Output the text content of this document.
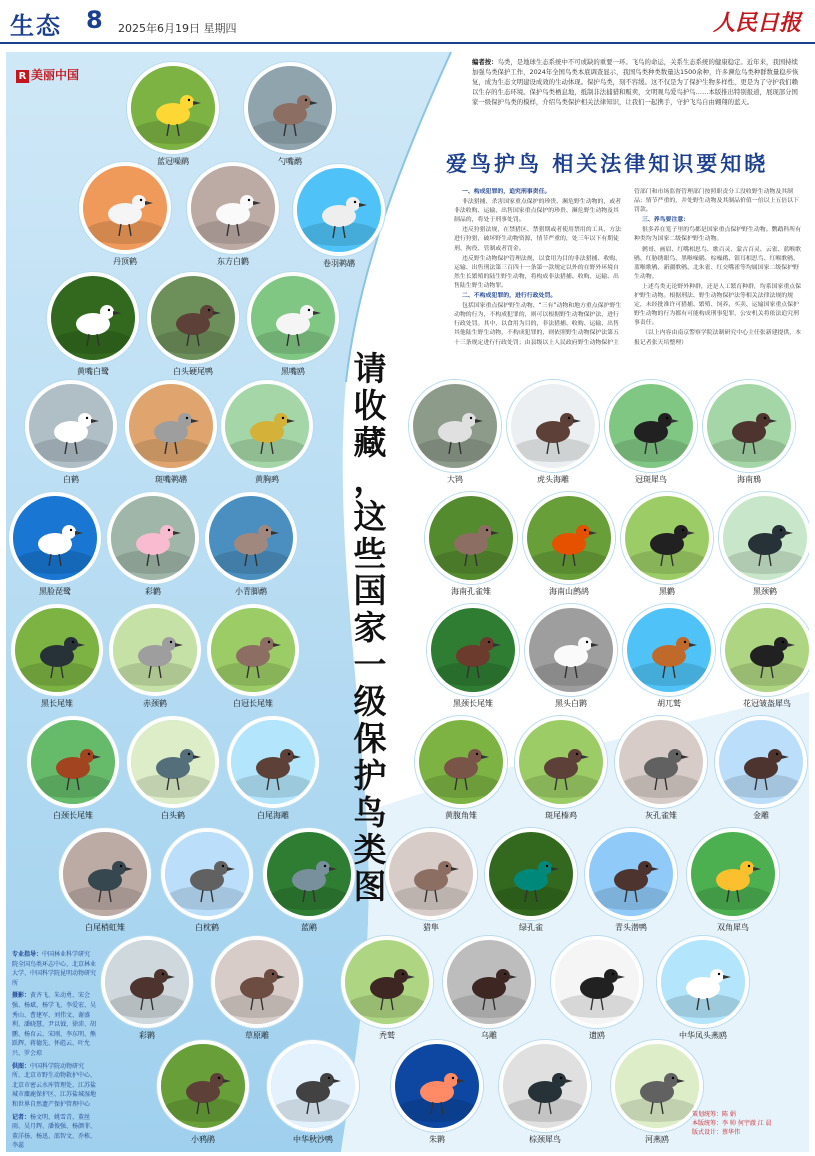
生态 8 2025年6月19日 星期四	人民日报
R 美丽中国
编者按：鸟类，是地球生态系统中不可或缺的重要一环。飞鸟的命运，关系生态系统的健康稳定。近年来，我国持续加强鸟类保护工作，2024年全国鸟类本底调查显示，我国鸟类种类数量达1500余种，许多濒危鸟类种群数量稳步恢复，成为生态文明建设成效的生动体现。保护鸟类，刻不容缓。这不仅是为了保护生物多样性，更是为了守护我们赖以生存的生态环境。保护鸟类栖息地，抵制非法捕猎和贩卖，文明观鸟爱鸟护鸟……本版推出特别报道，展现部分国家一级保护鸟类的模样，介绍鸟类保护相关法律知识，让我们一起携手，守护飞鸟自由翱翔的蓝天。
爱鸟护鸟 相关法律知识要知晓

一、构成犯罪的，追究刑事责任。

非法猎捕、杀害国家重点保护的珍贵、濒危野生动物的，或者非法收购、运输、出售国家重点保护的珍贵、濒危野生动物及其制品的，将处于刑事处罚。

违反狩猎法规，在禁猎区、禁猎期或者使用禁用的工具、方法进行狩猎，破坏野生动物资源，情节严重的，处三年以下有期徒刑、拘役、管制或者罚金。

违反野生动物保护管理法规，以食用为目的非法猎捕、收购、运输、出售刑法第三百四十一条第一款规定以外的在野外环境自然生长繁殖的陆生野生动物，将构成非法猎捕、收购、运输、出售陆生野生动物罪。

二、不构成犯罪的，进行行政处罚。

包括国家重点保护野生动物、“三有”动物和地方重点保护野生动物的行为，不构成犯罪的，则可以根据野生动物保护法，进行行政处罚。其中，以食用为目的，非法猎捕、收购、运输、出售其他陆生野生动物，不构成犯罪的，则依照野生动物保护法第五十三条规定进行行政处罚；由县级以上人民政府野生动物保护主管部门和市场监督管理部门按照职责分工没收野生动物及其制品；情节严重的，并处野生动物及其制品价值一倍以上五倍以下罚款。

三、养鸟要注意：

很多养在笼子里的鸟都是国家重点保护野生动物。鹦鹉科所有种类均为国家二级保护野生动物。

鹩哥、画眉、红嘴相思鸟、歌百灵、蒙古百灵、云雀、蓝喉歌鸲、红胁绣眼鸟、黑喉噪鹛、棕噪鹛、银耳相思鸟、红喉歌鸲、蓝喉歌鸲、新疆歌鸲、北朱雀、红交嘴雀等均属国家二级保护野生动物。

上述鸟类无论野外种群，还是人工繁育种群，均系国家重点保护野生动物。根据刑法、野生动物保护法等相关法律法规的规定，未经批准许可猎捕、繁殖、饲养、买卖、运输国家重点保护野生动物的行为都有可能构成刑事犯罪，公安机关将依法追究刑事责任。

（以上内容由南京警察学院法制研究中心主任张新建提供，本报记者张天培整理）

请
收
藏
，
这
些
国
家
一
级
保
护
鸟
类
图
蓝冠噪鹛	勺嘴鹬
丹顶鹤	东方白鹳	卷羽鹈鹕
黄嘴白鹭	白头硬尾鸭	黑嘴鸥
白鹤	斑嘴鹈鹕	黄胸鹀
黑脸琵鹭	彩鹳	小青脚鹬
黑长尾雉	赤颈鹤	白冠长尾雉
白颈长尾雉	白头鹤	白尾海雕
白尾梢虹雉	白枕鹤	蓝鹇
彩鹮	草原雕	秃鹫
小鸦鹃	中华秋沙鸭	朱鹮
大鸨	虎头海雕	冠斑犀鸟	海南鳽
海南孔雀雉	海南山鹧鸪	黑鹳	黑颈鹤
黑颈长尾雉	黑头白鹮	胡兀鹫	花冠皱盔犀鸟
黄腹角雉	斑尾榛鸡	灰孔雀雉	金雕
猎隼	绿孔雀	青头潜鸭	双角犀鸟
乌雕	遗鸥	中华凤头燕鸥
棕颈犀鸟	河燕鸥

专业指导：中国林业科学研究院全国鸟类环志中心、北京林业大学、中国科学院昆明动物研究所

摄影：黄齐飞、朱动勇、宋会强、杨斌、杨学飞、李爱宏、吴秀山、曹建军、刘伟文、谢盛利、潘晓慧、尹以钺、徐沛、胡鹏、杨育云、宋刚、李东明、熊跃辉、蒋德先、怀彪云、叶允兴、罗会琼

供图：中国科学院动物研究所、北京市野生动物救护中心、北京市密云水库管理处、江苏盐城市麋鹿保护区、江苏盐城湿地和世界自然遗产保护管理中心

记者：杨文明、姚雪青、董丝雨、吴月辉、潘俊强、杨颜菲、董洋扬、杨迅、邵智文、乔栋、李蕊

策划统筹：陈 娟

本版统筹：李 帅 何宇澈 江 晨

版式设计：蔡华伟
